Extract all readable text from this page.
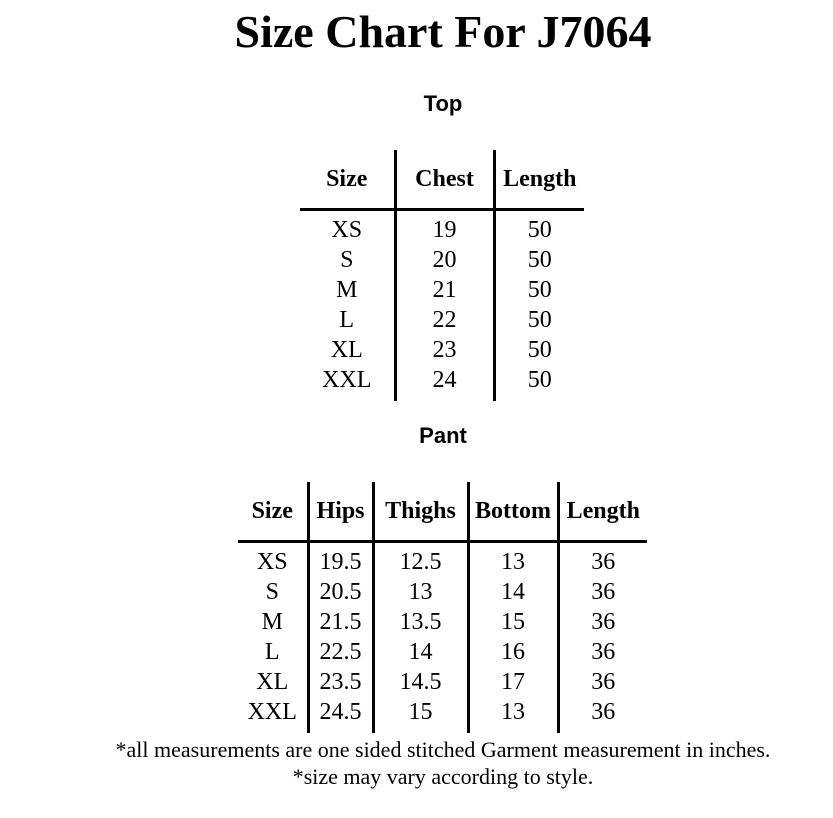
Size Chart For J7064
Top
Size	Chest	Length

XS	19	50
S	20	50
M	21	50
L	22	50
XL	23	50
XXL	24	50

Pant
Size	Hips	Thighs	Bottom	Length

XS	19.5	12.5	13	36
S	20.5	13	14	36
M	21.5	13.5	15	36
L	22.5	14	16	36
XL	23.5	14.5	17	36
XXL	24.5	15	13	36

*all measurements are one sided stitched Garment measurement in inches.
*size may vary according to style.
